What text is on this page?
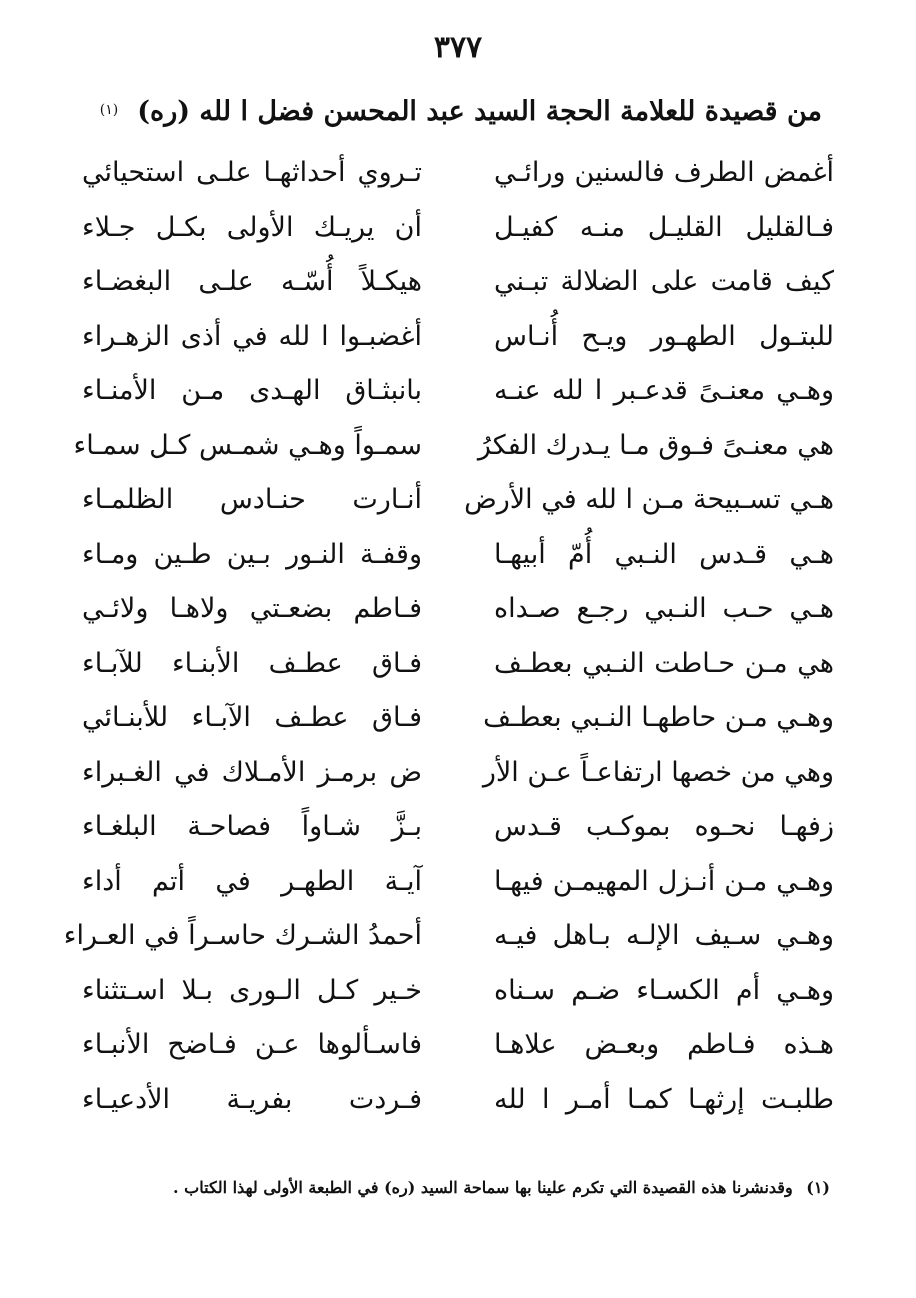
٣٧٧
من قصيدة للعلامة الحجة السيد عبد المحسن فضل ا لله (ره) (١)
أغمض الطرف فالسنين ورائـي
تـروي أحداثهـا علـى استحيائي
فـالقليل القليـل منـه كفيـل
أن يريـك الأولى بكـل جـلاء
كيف قامت على الضلالة تبـني
هيكـلاً أُسّـه علـى البغضـاء
للبتـول الطهـور ويـح أُنـاس
أغضبـوا ا لله في أذى الزهـراء
وهـي معنـىً قدعـبر ا لله عنـه
بانبثـاق الهـدى مـن الأمنـاء
هي معنـىً فـوق مـا يـدرك الفكرُ
سمـواً وهـي شمـس كـل سمـاء
هـي تسـبيحة مـن ا لله في الأرض
أنـارت حنـادس الظلمـاء
هـي قـدس النـبي أُمّ أبيهـا
وقفـة النـور بـين طـين ومـاء
هـي حـب النـبي رجـع صـداه
فـاطم بضعـتي ولاهـا ولائـي
هي مـن حـاطت النـبي بعطـف
فـاق عطـف الأبنـاء للآبـاء
وهـي مـن حاطهـا النـبي بعطـف
فـاق عطـف الآبـاء للأبنـائي
وهي من خصها ارتفاعـاً عـن الأر
ض برمـز الأمـلاك في الغـبراء
زفهـا نحـوه بموكـب قـدس
بـزَّ شـاواً فصاحـة البلغـاء
وهـي مـن أنـزل المهيمـن فيهـا
آيـة الطهـر في أتم أداء
وهـي سـيف الإلـه بـاهل فيـه
أحمدُ الشـرك حاسـراً في العـراء
وهـي أم الكسـاء ضـم سـناه
خـير كـل الـورى بـلا اسـتثناء
هـذه فـاطم وبعـض علاهـا
فاسـألوها عـن فـاضح الأنبـاء
طلبـت إرثهـا كمـا أمـر ا لله
فـردت بفريـة الأدعيـاء
(١) وقدنشرنا هذه القصيدة التي تكرم علينا بها سماحة السيد (ره) في الطبعة الأولى لهذا الكتاب .
